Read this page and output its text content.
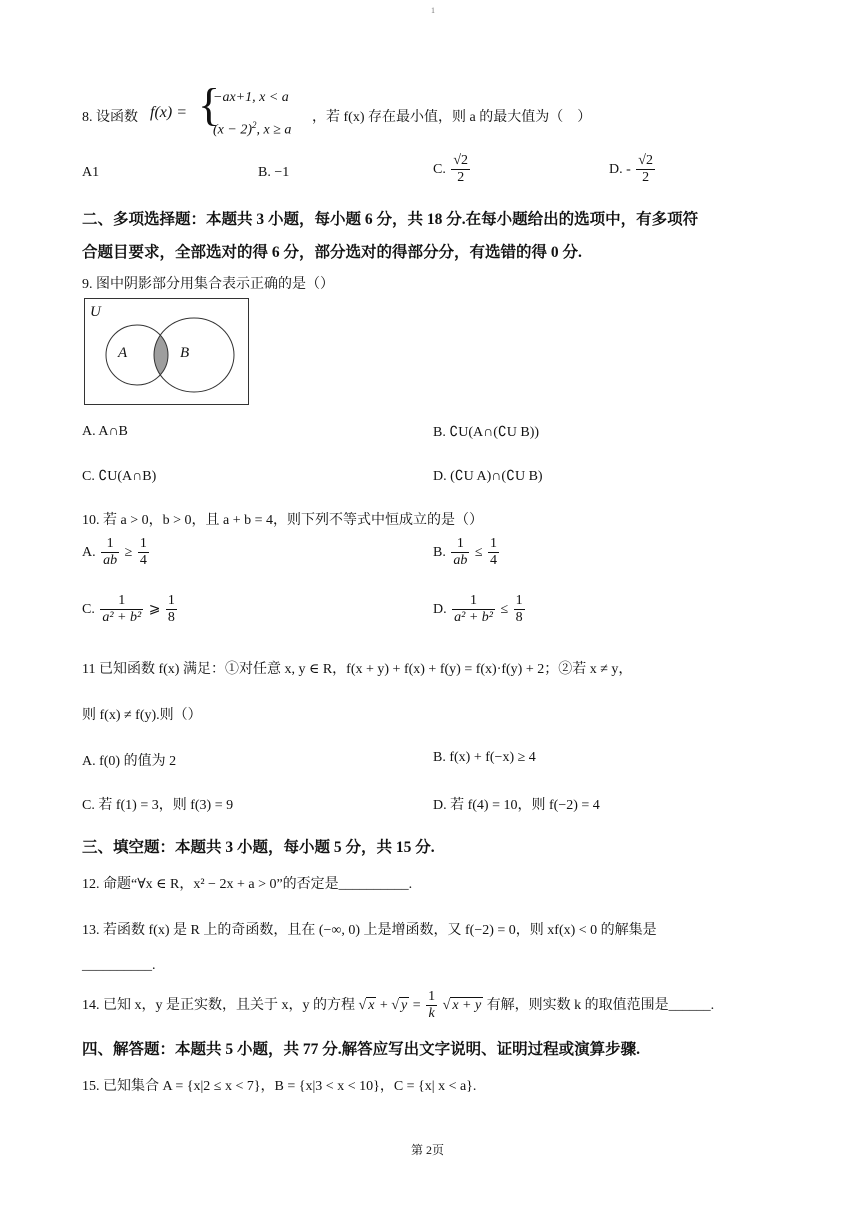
1
8. 设函数 f(x) = {
−ax+1, x < a
$(x - 2)^2$, x ≥ a
，若 f(x) 存在最小值，则 a 的最大值为（　）
A1	B. −1	C. $\frac{√2}{2}$	D. - $\frac{√2}{2}$
二、多项选择题：本题共 3 小题，每小题 6 分，共 18 分.在每小题给出的选项中，有多项符
合题目要求，全部选对的得 6 分，部分选对的得部分分，有选错的得 0 分.
9. 图中阴影部分用集合表示正确的是（）
U
A	B
A. A∩B	B. ∁U(A∩(∁U B))
C. ∁U(A∩B)	D. (∁U A)∩(∁U B)
10. 若 a > 0，b > 0，且 a + b = 4，则下列不等式中恒成立的是（）
A. $\frac{1}{ab} \ge \frac{1}{4}$	B. $\frac{1}{ab} \le \frac{1}{4}$
C. $\frac{1}{\text{a² + b²}}$ ⩾ $\frac{1}{8}$	D. $\frac{1}{\text{a² + b²}} \le \frac{1}{8}$
11 已知函数 f(x) 满足：①对任意 x, y ∈ R，f(x + y) + f(x) + f(y) = f(x)·f(y) + 2；②若 x ≠ y，
则 f(x) ≠ f(y).则（）
A. f(0) 的值为 2	B. f(x) + f(−x) ≥ 4
C. 若 f(1) = 3，则 f(3) = 9	D. 若 f(4) = 10，则 f(−2) = 4
三、填空题：本题共 3 小题，每小题 5 分，共 15 分.
12. 命题“∀x ∈ R，x² − 2x + a > 0”的否定是__________.
13. 若函数 f(x) 是 R 上的奇函数，且在 (−∞, 0) 上是增函数，又 f(−2) = 0，则 xf(x) < 0 的解集是
__________.
14. 已知 x，y 是正实数，且关于 x，y 的方程 √ x + √ $y = \frac{1}{k}$ √ x + y 有解，则实数 k 的取值范围是______.
四、解答题：本题共 5 小题，共 77 分.解答应写出文字说明、证明过程或演算步骤.
15. 已知集合 A = {x|2 ≤ x < 7}，B = {x|3 < x < 10}，C = {x| x < a}.
第 2页
